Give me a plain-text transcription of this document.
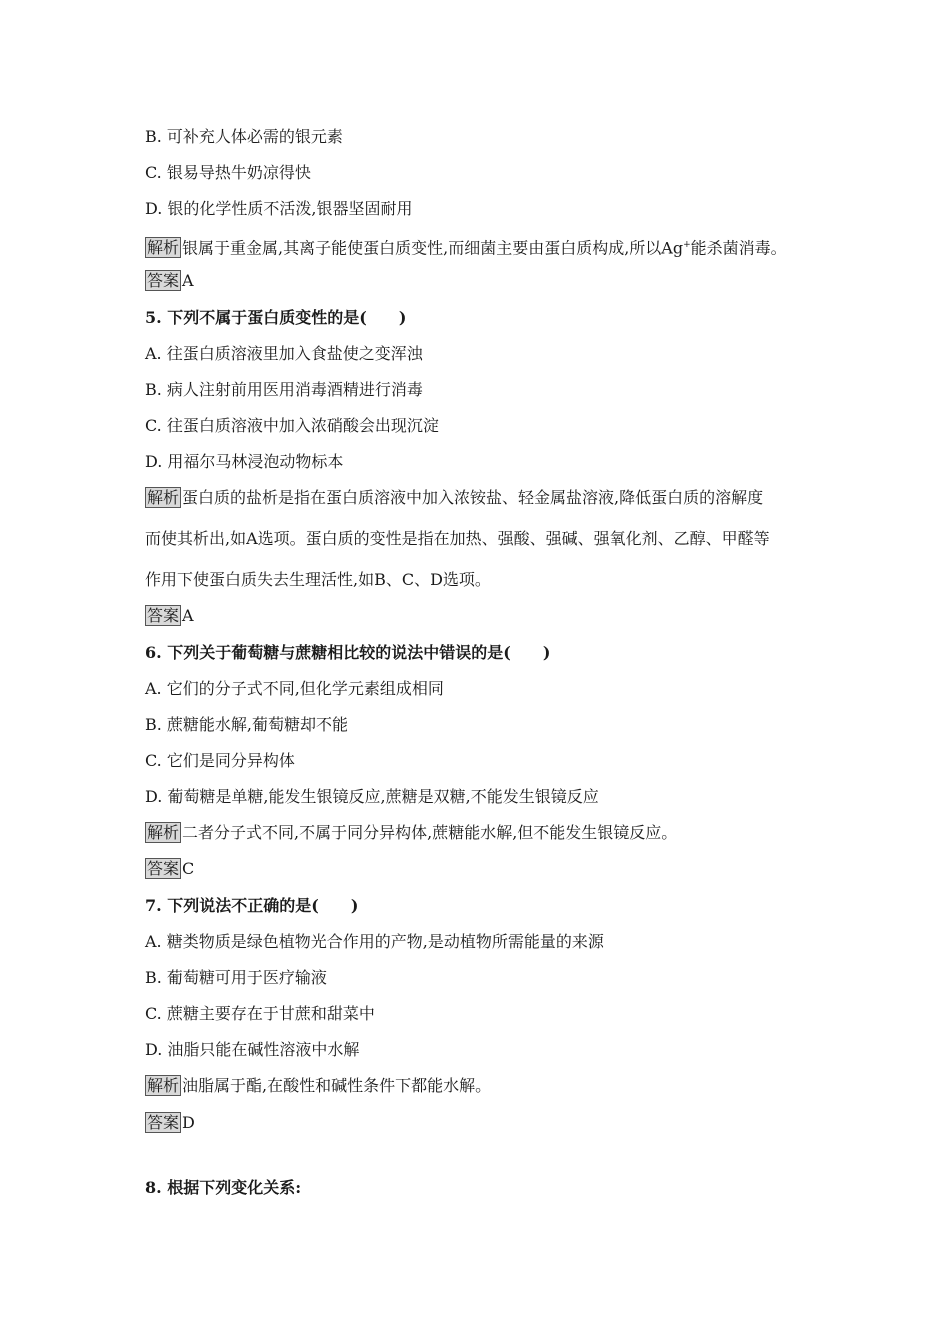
B. 可补充人体必需的银元素
C. 银易导热牛奶凉得快
D. 银的化学性质不活泼,银器坚固耐用
解析 银属于重金属,其离子能使蛋白质变性,而细菌主要由蛋白质构成,所以Ag+能杀菌消毒。
答案 A
5. 下列不属于蛋白质变性的是(　　)
A. 往蛋白质溶液里加入食盐使之变浑浊
B. 病人注射前用医用消毒酒精进行消毒
C. 往蛋白质溶液中加入浓硝酸会出现沉淀
D. 用福尔马林浸泡动物标本
解析 蛋白质的盐析是指在蛋白质溶液中加入浓铵盐、轻金属盐溶液,降低蛋白质的溶解度
而使其析出,如A选项。蛋白质的变性是指在加热、强酸、强碱、强氧化剂、乙醇、甲醛等
作用下使蛋白质失去生理活性,如B、C、D选项。
答案 A
6. 下列关于葡萄糖与蔗糖相比较的说法中错误的是(　　)
A. 它们的分子式不同,但化学元素组成相同
B. 蔗糖能水解,葡萄糖却不能
C. 它们是同分异构体
D. 葡萄糖是单糖,能发生银镜反应,蔗糖是双糖,不能发生银镜反应
解析 二者分子式不同,不属于同分异构体,蔗糖能水解,但不能发生银镜反应。
答案 C
7. 下列说法不正确的是(　　)
A. 糖类物质是绿色植物光合作用的产物,是动植物所需能量的来源
B. 葡萄糖可用于医疗输液
C. 蔗糖主要存在于甘蔗和甜菜中
D. 油脂只能在碱性溶液中水解
解析 油脂属于酯,在酸性和碱性条件下都能水解。
答案 D
8. 根据下列变化关系:
